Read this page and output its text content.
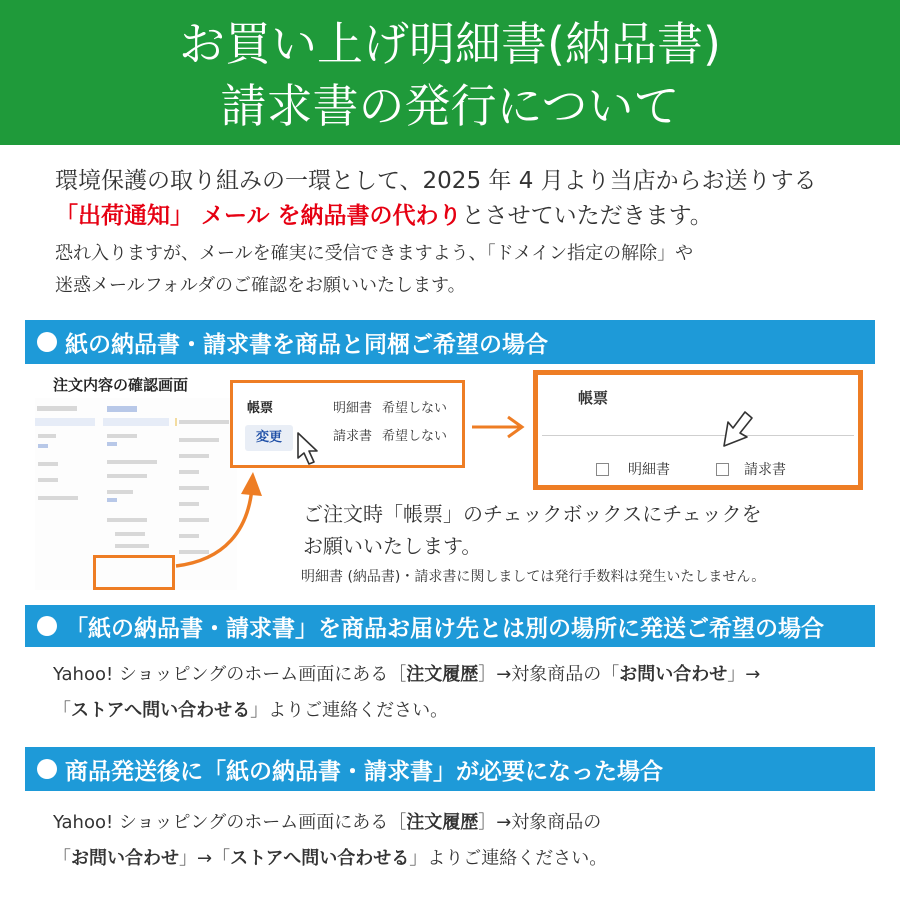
お買い上げ明細書(納品書)
請求書の発行について
環境保護の取り組みの一環として、2025 年 4 月より当店からお送りする
「出荷通知」 メール を納品書の代わりとさせていただきます。
恐れ入りますが、メールを確実に受信できますよう、「ドメイン指定の解除」や
迷惑メールフォルダのご確認をお願いいたします。
紙の納品書・請求書を商品と同梱ご希望の場合
注文内容の確認画面
帳票
変更
明細書 希望しない
請求書 希望しない
帳票
明細書	請求書
ご注文時「帳票」のチェックボックスにチェックを
お願いいたします。
明細書 (納品書)・請求書に関しましては発行手数料は発生いたしません。
「紙の納品書・請求書」を商品お届け先とは別の場所に発送ご希望の場合
Yahoo! ショッピングのホーム画面にある［注文履歴］→対象商品の「お問い合わせ」→
「ストアへ問い合わせる」よりご連絡ください。
商品発送後に「紙の納品書・請求書」が必要になった場合
Yahoo! ショッピングのホーム画面にある［注文履歴］→対象商品の
「お問い合わせ」→「ストアへ問い合わせる」よりご連絡ください。
